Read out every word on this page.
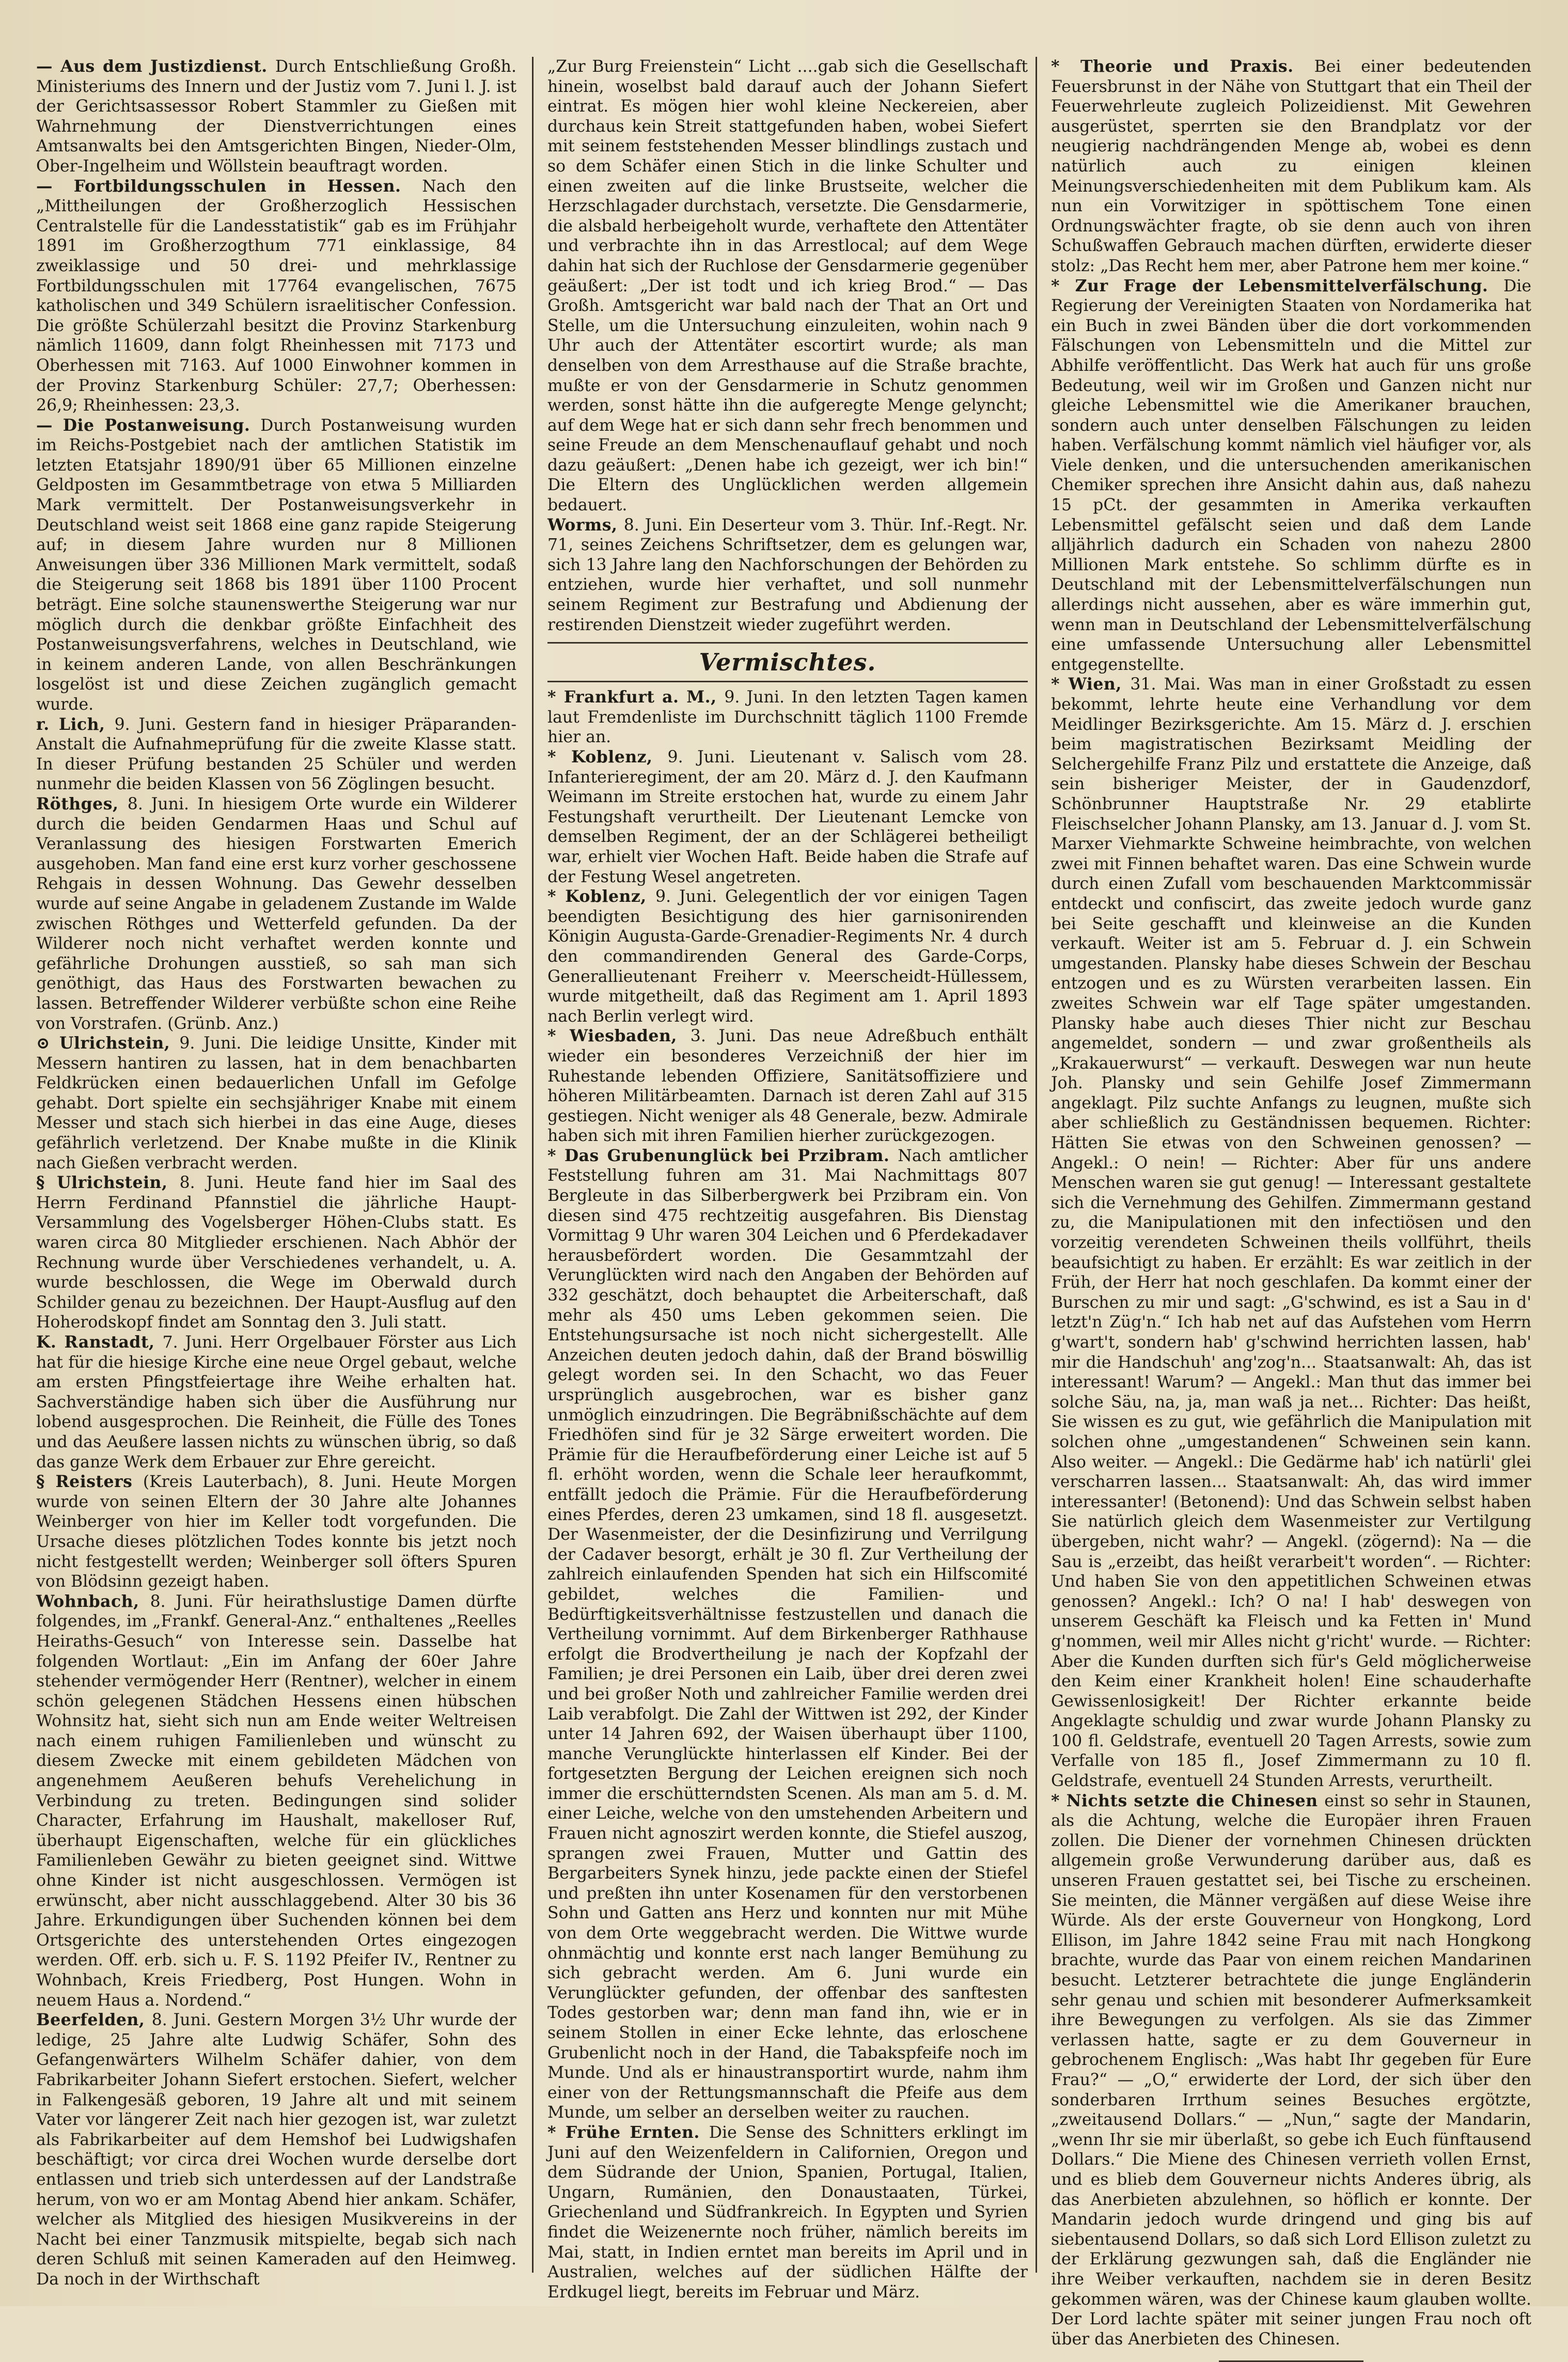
— Aus dem Justizdienst. Durch Entschließung Großh. Ministeriums des Innern und der Justiz vom 7. Juni l. J. ist der Gerichtsassessor Robert Stammler zu Gießen mit Wahrnehmung der Dienstverrichtungen eines Amtsanwalts bei den Amtsgerichten Bingen, Nieder-Olm, Ober-Ingelheim und Wöllstein beauftragt worden.

— Fortbildungsschulen in Hessen. Nach den „Mittheilungen der Großherzoglich Hessischen Centralstelle für die Landesstatistik“ gab es im Frühjahr 1891 im Großherzogthum 771 einklassige, 84 zweiklassige und 50 drei- und mehrklassige Fortbildungsschulen mit 17764 evangelischen, 7675 katholischen und 349 Schülern israelitischer Confession. Die größte Schülerzahl besitzt die Provinz Starkenburg nämlich 11609, dann folgt Rheinhessen mit 7173 und Oberhessen mit 7163. Auf 1000 Einwohner kommen in der Provinz Starkenburg Schüler: 27,7; Oberhessen: 26,9; Rheinhessen: 23,3.

— Die Postanweisung. Durch Postanweisung wurden im Reichs-Postgebiet nach der amtlichen Statistik im letzten Etatsjahr 1890/91 über 65 Millionen einzelne Geldposten im Gesammtbetrage von etwa 5 Milliarden Mark vermittelt. Der Postanweisungsverkehr in Deutschland weist seit 1868 eine ganz rapide Steigerung auf; in diesem Jahre wurden nur 8 Millionen Anweisungen über 336 Millionen Mark vermittelt, sodaß die Steigerung seit 1868 bis 1891 über 1100 Procent beträgt. Eine solche staunenswerthe Steigerung war nur möglich durch die denkbar größte Einfachheit des Postanweisungsverfahrens, welches in Deutschland, wie in keinem anderen Lande, von allen Beschränkungen losgelöst ist und diese Zeichen zugänglich gemacht wurde.

r. Lich, 9. Juni. Gestern fand in hiesiger Präparanden-Anstalt die Aufnahmeprüfung für die zweite Klasse statt. In dieser Prüfung bestanden 25 Schüler und werden nunmehr die beiden Klassen von 56 Zöglingen besucht.

Röthges, 8. Juni. In hiesigem Orte wurde ein Wilderer durch die beiden Gendarmen Haas und Schul auf Veranlassung des hiesigen Forstwarten Emerich ausgehoben. Man fand eine erst kurz vorher geschossene Rehgais in dessen Wohnung. Das Gewehr desselben wurde auf seine Angabe in geladenem Zustande im Walde zwischen Röthges und Wetterfeld gefunden. Da der Wilderer noch nicht verhaftet werden konnte und gefährliche Drohungen ausstieß, so sah man sich genöthigt, das Haus des Forstwarten bewachen zu lassen. Betreffender Wilderer verbüßte schon eine Reihe von Vorstrafen. (Grünb. Anz.)

⊙ Ulrichstein, 9. Juni. Die leidige Unsitte, Kinder mit Messern hantiren zu lassen, hat in dem benachbarten Feldkrücken einen bedauerlichen Unfall im Gefolge gehabt. Dort spielte ein sechsjähriger Knabe mit einem Messer und stach sich hierbei in das eine Auge, dieses gefährlich verletzend. Der Knabe mußte in die Klinik nach Gießen verbracht werden.

§ Ulrichstein, 8. Juni. Heute fand hier im Saal des Herrn Ferdinand Pfannstiel die jährliche Haupt-Versammlung des Vogelsberger Höhen-Clubs statt. Es waren circa 80 Mitglieder erschienen. Nach Abhör der Rechnung wurde über Verschiedenes verhandelt, u. A. wurde beschlossen, die Wege im Oberwald durch Schilder genau zu bezeichnen. Der Haupt-Ausflug auf den Hoherodskopf findet am Sonntag den 3. Juli statt.

K. Ranstadt, 7. Juni. Herr Orgelbauer Förster aus Lich hat für die hiesige Kirche eine neue Orgel gebaut, welche am ersten Pfingstfeiertage ihre Weihe erhalten hat. Sachverständige haben sich über die Ausführung nur lobend ausgesprochen. Die Reinheit, die Fülle des Tones und das Aeußere lassen nichts zu wünschen übrig, so daß das ganze Werk dem Erbauer zur Ehre gereicht.

§ Reisters (Kreis Lauterbach), 8. Juni. Heute Morgen wurde von seinen Eltern der 30 Jahre alte Johannes Weinberger von hier im Keller todt vorgefunden. Die Ursache dieses plötzlichen Todes konnte bis jetzt noch nicht festgestellt werden; Weinberger soll öfters Spuren von Blödsinn gezeigt haben.

Wohnbach, 8. Juni. Für heirathslustige Damen dürfte folgendes, im „Frankf. General-Anz.“ enthaltenes „Reelles Heiraths-Gesuch“ von Interesse sein. Dasselbe hat folgenden Wortlaut: „Ein im Anfang der 60er Jahre stehender vermögender Herr (Rentner), welcher in einem schön gelegenen Städchen Hessens einen hübschen Wohnsitz hat, sieht sich nun am Ende weiter Weltreisen nach einem ruhigen Familienleben und wünscht zu diesem Zwecke mit einem gebildeten Mädchen von angenehmem Aeußeren behufs Verehelichung in Verbindung zu treten. Bedingungen sind solider Character, Erfahrung im Haushalt, makelloser Ruf, überhaupt Eigenschaften, welche für ein glückliches Familienleben Gewähr zu bieten geeignet sind. Wittwe ohne Kinder ist nicht ausgeschlossen. Vermögen ist erwünscht, aber nicht ausschlaggebend. Alter 30 bis 36 Jahre. Erkundigungen über Suchenden können bei dem Ortsgerichte des unterstehenden Ortes eingezogen werden. Off. erb. sich u. F. S. 1192 Pfeifer IV., Rentner zu Wohnbach, Kreis Friedberg, Post Hungen. Wohn in neuem Haus a. Nordend.“

Beerfelden, 8. Juni. Gestern Morgen 3½ Uhr wurde der ledige, 25 Jahre alte Ludwig Schäfer, Sohn des Gefangenwärters Wilhelm Schäfer dahier, von dem Fabrikarbeiter Johann Siefert erstochen. Siefert, welcher in Falkengesäß geboren, 19 Jahre alt und mit seinem Vater vor längerer Zeit nach hier gezogen ist, war zuletzt als Fabrikarbeiter auf dem Hemshof bei Ludwigshafen beschäftigt; vor circa drei Wochen wurde derselbe dort entlassen und trieb sich unterdessen auf der Landstraße herum, von wo er am Montag Abend hier ankam. Schäfer, welcher als Mitglied des hiesigen Musikvereins in der Nacht bei einer Tanzmusik mitspielte, begab sich nach deren Schluß mit seinen Kameraden auf den Heimweg. Da noch in der Wirthschaft

„Zur Burg Freienstein“ Licht ....gab sich die Gesellschaft hinein, woselbst bald darauf auch der Johann Siefert eintrat. Es mögen hier wohl kleine Neckereien, aber durchaus kein Streit stattgefunden haben, wobei Siefert mit seinem feststehenden Messer blindlings zustach und so dem Schäfer einen Stich in die linke Schulter und einen zweiten auf die linke Brustseite, welcher die Herzschlagader durchstach, versetzte. Die Gensdarmerie, die alsbald herbeigeholt wurde, verhaftete den Attentäter und verbrachte ihn in das Arrestlocal; auf dem Wege dahin hat sich der Ruchlose der Gensdarmerie gegenüber geäußert: „Der ist todt und ich krieg Brod.“ — Das Großh. Amtsgericht war bald nach der That an Ort und Stelle, um die Untersuchung einzuleiten, wohin nach 9 Uhr auch der Attentäter escortirt wurde; als man denselben von dem Arresthause auf die Straße brachte, mußte er von der Gensdarmerie in Schutz genommen werden, sonst hätte ihn die aufgeregte Menge gelyncht; auf dem Wege hat er sich dann sehr frech benommen und seine Freude an dem Menschenauflauf gehabt und noch dazu geäußert: „Denen habe ich gezeigt, wer ich bin!“ Die Eltern des Unglücklichen werden allgemein bedauert.

Worms, 8. Juni. Ein Deserteur vom 3. Thür. Inf.-Regt. Nr. 71, seines Zeichens Schriftsetzer, dem es gelungen war, sich 13 Jahre lang den Nachforschungen der Behörden zu entziehen, wurde hier verhaftet, und soll nunmehr seinem Regiment zur Bestrafung und Abdienung der restirenden Dienstzeit wieder zugeführt werden.

Vermischtes.

* Frankfurt a. M., 9. Juni. In den letzten Tagen kamen laut Fremdenliste im Durchschnitt täglich 1100 Fremde hier an.

* Koblenz, 9. Juni. Lieutenant v. Salisch vom 28. Infanterieregiment, der am 20. März d. J. den Kaufmann Weimann im Streite erstochen hat, wurde zu einem Jahr Festungshaft verurtheilt. Der Lieutenant Lemcke von demselben Regiment, der an der Schlägerei betheiligt war, erhielt vier Wochen Haft. Beide haben die Strafe auf der Festung Wesel angetreten.

* Koblenz, 9. Juni. Gelegentlich der vor einigen Tagen beendigten Besichtigung des hier garnisonirenden Königin Augusta-Garde-Grenadier-Regiments Nr. 4 durch den commandirenden General des Garde-Corps, Generallieutenant Freiherr v. Meerscheidt-Hüllessem, wurde mitgetheilt, daß das Regiment am 1. April 1893 nach Berlin verlegt wird.

* Wiesbaden, 3. Juni. Das neue Adreßbuch enthält wieder ein besonderes Verzeichniß der hier im Ruhestande lebenden Offiziere, Sanitätsoffiziere und höheren Militärbeamten. Darnach ist deren Zahl auf 315 gestiegen. Nicht weniger als 48 Generale, bezw. Admirale haben sich mit ihren Familien hierher zurückgezogen.

* Das Grubenunglück bei Przibram. Nach amtlicher Feststellung fuhren am 31. Mai Nachmittags 807 Bergleute in das Silberbergwerk bei Przibram ein. Von diesen sind 475 rechtzeitig ausgefahren. Bis Dienstag Vormittag 9 Uhr waren 304 Leichen und 6 Pferdekadaver herausbefördert worden. Die Gesammtzahl der Verunglückten wird nach den Angaben der Behörden auf 332 geschätzt, doch behauptet die Arbeiterschaft, daß mehr als 450 ums Leben gekommen seien. Die Entstehungsursache ist noch nicht sichergestellt. Alle Anzeichen deuten jedoch dahin, daß der Brand böswillig gelegt worden sei. In den Schacht, wo das Feuer ursprünglich ausgebrochen, war es bisher ganz unmöglich einzudringen. Die Begräbnißschächte auf dem Friedhöfen sind für je 32 Särge erweitert worden. Die Prämie für die Heraufbeförderung einer Leiche ist auf 5 fl. erhöht worden, wenn die Schale leer heraufkommt, entfällt jedoch die Prämie. Für die Heraufbeförderung eines Pferdes, deren 23 umkamen, sind 18 fl. ausgesetzt. Der Wasenmeister, der die Desinfizirung und Verrilgung der Cadaver besorgt, erhält je 30 fl. Zur Vertheilung der zahlreich einlaufenden Spenden hat sich ein Hilfscomité gebildet, welches die Familien- und Bedürftigkeitsverhältnisse festzustellen und danach die Vertheilung vornimmt. Auf dem Birkenberger Rathhause erfolgt die Brodvertheilung je nach der Kopfzahl der Familien; je drei Personen ein Laib, über drei deren zwei und bei großer Noth und zahlreicher Familie werden drei Laib verabfolgt. Die Zahl der Wittwen ist 292, der Kinder unter 14 Jahren 692, der Waisen überhaupt über 1100, manche Verunglückte hinterlassen elf Kinder. Bei der fortgesetzten Bergung der Leichen ereignen sich noch immer die erschütterndsten Scenen. Als man am 5. d. M. einer Leiche, welche von den umstehenden Arbeitern und Frauen nicht agnoszirt werden konnte, die Stiefel auszog, sprangen zwei Frauen, Mutter und Gattin des Bergarbeiters Synek hinzu, jede packte einen der Stiefel und preßten ihn unter Kosenamen für den verstorbenen Sohn und Gatten ans Herz und konnten nur mit Mühe von dem Orte weggebracht werden. Die Wittwe wurde ohnmächtig und konnte erst nach langer Bemühung zu sich gebracht werden. Am 6. Juni wurde ein Verunglückter gefunden, der offenbar des sanftesten Todes gestorben war; denn man fand ihn, wie er in seinem Stollen in einer Ecke lehnte, das erloschene Grubenlicht noch in der Hand, die Tabakspfeife noch im Munde. Und als er hinaustransportirt wurde, nahm ihm einer von der Rettungsmannschaft die Pfeife aus dem Munde, um selber an derselben weiter zu rauchen.

* Frühe Ernten. Die Sense des Schnitters erklingt im Juni auf den Weizenfeldern in Californien, Oregon und dem Südrande der Union, Spanien, Portugal, Italien, Ungarn, Rumänien, den Donaustaaten, Türkei, Griechenland und Südfrankreich. In Egypten und Syrien findet die Weizenernte noch früher, nämlich bereits im Mai, statt, in Indien erntet man bereits im April und in Australien, welches auf der südlichen Hälfte der Erdkugel liegt, bereits im Februar und März.

* Theorie und Praxis. Bei einer bedeutenden Feuersbrunst in der Nähe von Stuttgart that ein Theil der Feuerwehrleute zugleich Polizeidienst. Mit Gewehren ausgerüstet, sperrten sie den Brandplatz vor der neugierig nachdrängenden Menge ab, wobei es denn natürlich auch zu einigen kleinen Meinungsverschiedenheiten mit dem Publikum kam. Als nun ein Vorwitziger in spöttischem Tone einen Ordnungswächter fragte, ob sie denn auch von ihren Schußwaffen Gebrauch machen dürften, erwiderte dieser stolz: „Das Recht hem mer, aber Patrone hem mer koine.“

* Zur Frage der Lebensmittelverfälschung. Die Regierung der Vereinigten Staaten von Nordamerika hat ein Buch in zwei Bänden über die dort vorkommenden Fälschungen von Lebensmitteln und die Mittel zur Abhilfe veröffentlicht. Das Werk hat auch für uns große Bedeutung, weil wir im Großen und Ganzen nicht nur gleiche Lebensmittel wie die Amerikaner brauchen, sondern auch unter denselben Fälschungen zu leiden haben. Verfälschung kommt nämlich viel häufiger vor, als Viele denken, und die untersuchenden amerikanischen Chemiker sprechen ihre Ansicht dahin aus, daß nahezu 15 pCt. der gesammten in Amerika verkauften Lebensmittel gefälscht seien und daß dem Lande alljährlich dadurch ein Schaden von nahezu 2800 Millionen Mark entstehe. So schlimm dürfte es in Deutschland mit der Lebensmittelverfälschungen nun allerdings nicht aussehen, aber es wäre immerhin gut, wenn man in Deutschland der Lebensmittelverfälschung eine umfassende Untersuchung aller Lebensmittel entgegenstellte.

* Wien, 31. Mai. Was man in einer Großstadt zu essen bekommt, lehrte heute eine Verhandlung vor dem Meidlinger Bezirksgerichte. Am 15. März d. J. erschien beim magistratischen Bezirksamt Meidling der Selchergehilfe Franz Pilz und erstattete die Anzeige, daß sein bisheriger Meister, der in Gaudenzdorf, Schönbrunner Hauptstraße Nr. 29 etablirte Fleischselcher Johann Plansky, am 13. Januar d. J. vom St. Marxer Viehmarkte Schweine heimbrachte, von welchen zwei mit Finnen behaftet waren. Das eine Schwein wurde durch einen Zufall vom beschauenden Marktcommissär entdeckt und confiscirt, das zweite jedoch wurde ganz bei Seite geschafft und kleinweise an die Kunden verkauft. Weiter ist am 5. Februar d. J. ein Schwein umgestanden. Plansky habe dieses Schwein der Beschau entzogen und es zu Würsten verarbeiten lassen. Ein zweites Schwein war elf Tage später umgestanden. Plansky habe auch dieses Thier nicht zur Beschau angemeldet, sondern — und zwar großentheils als „Krakauerwurst“ — verkauft. Deswegen war nun heute Joh. Plansky und sein Gehilfe Josef Zimmermann angeklagt. Pilz suchte Anfangs zu leugnen, mußte sich aber schließlich zu Geständnissen bequemen. Richter: Hätten Sie etwas von den Schweinen genossen? — Angekl.: O nein! — Richter: Aber für uns andere Menschen waren sie gut genug! — Interessant gestaltete sich die Vernehmung des Gehilfen. Zimmermann gestand zu, die Manipulationen mit den infectiösen und den vorzeitig verendeten Schweinen theils vollführt, theils beaufsichtigt zu haben. Er erzählt: Es war zeitlich in der Früh, der Herr hat noch geschlafen. Da kommt einer der Burschen zu mir und sagt: „G'schwind, es ist a Sau in d' letzt'n Züg'n.“ Ich hab net auf das Aufstehen vom Herrn g'wart't, sondern hab' g'schwind herrichten lassen, hab' mir die Handschuh' ang'zog'n... Staatsanwalt: Ah, das ist interessant! Warum? — Angekl.: Man thut das immer bei solche Säu, na, ja, man waß ja net... Richter: Das heißt, Sie wissen es zu gut, wie gefährlich die Manipulation mit solchen ohne „umgestandenen“ Schweinen sein kann. Also weiter. — Angekl.: Die Gedärme hab' ich natürli' glei verscharren lassen... Staatsanwalt: Ah, das wird immer interessanter! (Betonend): Und das Schwein selbst haben Sie natürlich gleich dem Wasenmeister zur Vertilgung übergeben, nicht wahr? — Angekl. (zögernd): Na — die Sau is „erzeibt, das heißt verarbeit't worden“. — Richter: Und haben Sie von den appetitlichen Schweinen etwas genossen? Angekl.: Ich? O na! I hab' deswegen von unserem Geschäft ka Fleisch und ka Fetten in' Mund g'nommen, weil mir Alles nicht g'richt' wurde. — Richter: Aber die Kunden durften sich für's Geld möglicherweise den Keim einer Krankheit holen! Eine schauderhafte Gewissenlosigkeit! Der Richter erkannte beide Angeklagte schuldig und zwar wurde Johann Plansky zu 100 fl. Geldstrafe, eventuell 20 Tagen Arrests, sowie zum Verfalle von 185 fl., Josef Zimmermann zu 10 fl. Geldstrafe, eventuell 24 Stunden Arrests, verurtheilt.

* Nichts setzte die Chinesen einst so sehr in Staunen, als die Achtung, welche die Europäer ihren Frauen zollen. Die Diener der vornehmen Chinesen drückten allgemein große Verwunderung darüber aus, daß es unseren Frauen gestattet sei, bei Tische zu erscheinen. Sie meinten, die Männer vergäßen auf diese Weise ihre Würde. Als der erste Gouverneur von Hongkong, Lord Ellison, im Jahre 1842 seine Frau mit nach Hongkong brachte, wurde das Paar von einem reichen Mandarinen besucht. Letzterer betrachtete die junge Engländerin sehr genau und schien mit besonderer Aufmerksamkeit ihre Bewegungen zu verfolgen. Als sie das Zimmer verlassen hatte, sagte er zu dem Gouverneur in gebrochenem Englisch: „Was habt Ihr gegeben für Eure Frau?“ — „O,“ erwiderte der Lord, der sich über den sonderbaren Irrthum seines Besuches ergötzte, „zweitausend Dollars.“ — „Nun,“ sagte der Mandarin, „wenn Ihr sie mir überlaßt, so gebe ich Euch fünftausend Dollars.“ Die Miene des Chinesen verrieth vollen Ernst, und es blieb dem Gouverneur nichts Anderes übrig, als das Anerbieten abzulehnen, so höflich er konnte. Der Mandarin jedoch wurde dringend und ging bis auf siebentausend Dollars, so daß sich Lord Ellison zuletzt zu der Erklärung gezwungen sah, daß die Engländer nie ihre Weiber verkauften, nachdem sie in deren Besitz gekommen wären, was der Chinese kaum glauben wollte. Der Lord lachte später mit seiner jungen Frau noch oft über das Anerbieten des Chinesen.
